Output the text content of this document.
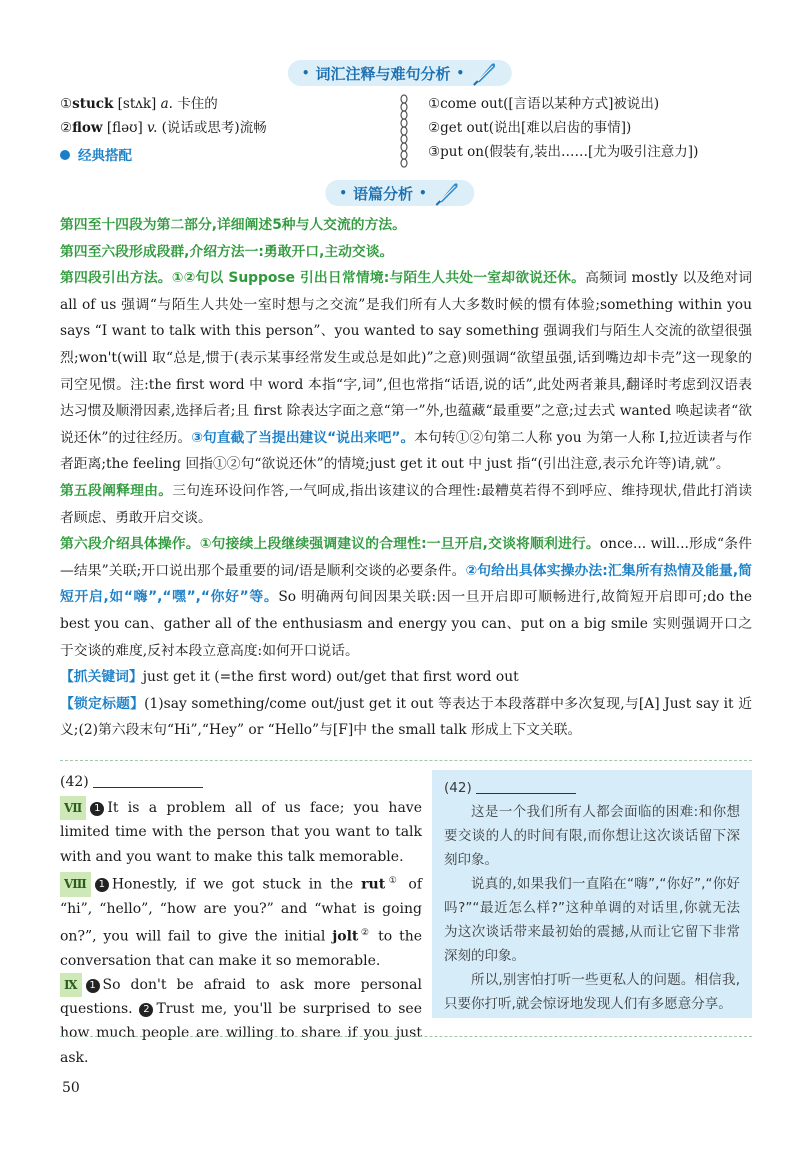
• 词汇注释与难句分析 •
①stuck [stʌk] a. 卡住的
②flow [fləʊ] v. (说话或思考)流畅
经典搭配
①come out([言语以某种方式]被说出)
②get out(说出[难以启齿的事情])
③put on(假装有,装出……[尤为吸引注意力])
• 语篇分析 •

第四至十四段为第二部分,详细阐述5种与人交流的方法。

第四至六段形成段群,介绍方法一:勇敢开口,主动交谈。

第四段引出方法。①②句以 Suppose 引出日常情境:与陌生人共处一室却欲说还休。高频词 mostly 以及绝对词 all of us 强调“与陌生人共处一室时想与之交流”是我们所有人大多数时候的惯有体验;something within you says “I want to talk with this person”、you wanted to say something 强调我们与陌生人交流的欲望很强烈;won't(will 取“总是,惯于(表示某事经常发生或总是如此)”之意)则强调“欲望虽强,话到嘴边却卡壳”这一现象的司空见惯。注:the first word 中 word 本指“字,词”,但也常指“话语,说的话”,此处两者兼具,翻译时考虑到汉语表达习惯及顺滑因素,选择后者;且 first 除表达字面之意“第一”外,也蕴藏“最重要”之意;过去式 wanted 唤起读者“欲说还休”的过往经历。③句直截了当提出建议“说出来吧”。本句转①②句第二人称 you 为第一人称 I,拉近读者与作者距离;the feeling 回指①②句“欲说还休”的情境;just get it out 中 just 指“(引出注意,表示允许等)请,就”。

第五段阐释理由。三句连环设问作答,一气呵成,指出该建议的合理性:最糟莫若得不到呼应、维持现状,借此打消读者顾虑、勇敢开启交谈。

第六段介绍具体操作。①句接续上段继续强调建议的合理性:一旦开启,交谈将顺利进行。once... will...形成“条件—结果”关联;开口说出那个最重要的词/语是顺利交谈的必要条件。②句给出具体实操办法:汇集所有热情及能量,简短开启,如“嗨”,“嘿”,“你好”等。So 明确两句间因果关联:因一旦开启即可顺畅进行,故简短开启即可;do the best you can、gather all of the enthusiasm and energy you can、put on a big smile 实则强调开口之于交谈的难度,反衬本段立意高度:如何开口说话。

【抓关键词】just get it (=the first word) out/get that first word out

【锁定标题】(1)say something/come out/just get it out 等表达于本段落群中多次复现,与[A] Just say it 近义;(2)第六段末句“Hi”,“Hey” or “Hello”与[F]中 the small talk 形成上下文关联。

(42)

Ⅶ 1 It is a problem all of us face; you have limited time with the person that you want to talk with and you want to make this talk memorable.

Ⅷ 1 Honestly, if we got stuck in the rut① of “hi”, “hello”, “how are you?” and “what is going on?”, you will fail to give the initial jolt② to the conversation that can make it so memorable.

Ⅸ 1 So don't be afraid to ask more personal questions. 2 Trust me, you'll be surprised to see how much people are willing to share if you just ask.

(42)

这是一个我们所有人都会面临的困难:和你想要交谈的人的时间有限,而你想让这次谈话留下深刻印象。

说真的,如果我们一直陷在“嗨”,“你好”,“你好吗?”“最近怎么样?”这种单调的对话里,你就无法为这次谈话带来最初始的震撼,从而让它留下非常深刻的印象。

所以,别害怕打听一些更私人的问题。相信我,只要你打听,就会惊讶地发现人们有多愿意分享。

50
